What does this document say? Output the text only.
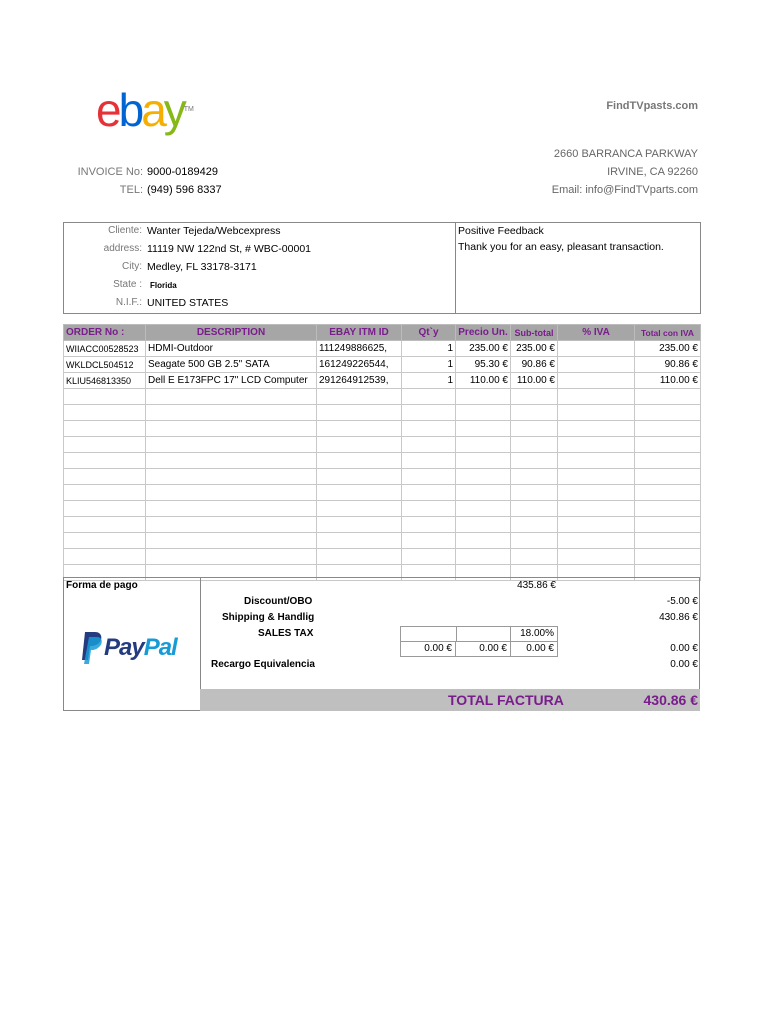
ebay™	FindTVpasts.com
2660 BARRANCA PARKWAY
IRVINE, CA 92260
Email: info@FindTVparts.com
INVOICE No: 9000-0189429
TEL: (949) 596 8337
Cliente: Wanter Tejeda/Webcexpress
address: 11119 NW 122nd St, # WBC-00001
City: Medley, FL 33178-3171
State : Florida
N.I.F.: UNITED STATES
Positive Feedback
Thank you for an easy, pleasant transaction.
ORDER No :	DESCRIPTION	EBAY ITM ID	Qt`y	Precio Un.	Sub-total	% IVA	Total con IVA
WIIACC00528523	HDMI-Outdoor	111249886625,	1	235.00 €	235.00 €		235.00 €
WKLDCL504512	Seagate 500 GB 2.5" SATA	161249226544,	1	95.30 €	90.86 €		90.86 €
KLIU546813350	Dell E E173FPC 17" LCD Computer	291264912539,	1	110.00 €	110.00 €		110.00 €

Forma de pago
PayPal
435.86 €
Discount/OBO	-5.00 €
Shipping & Handlig	430.86 €
SALES TAX	18.00%
0.00 €	0.00 €	0.00 €	0.00 €
Recargo Equivalencia	0.00 €
TOTAL FACTURA	430.86 €
